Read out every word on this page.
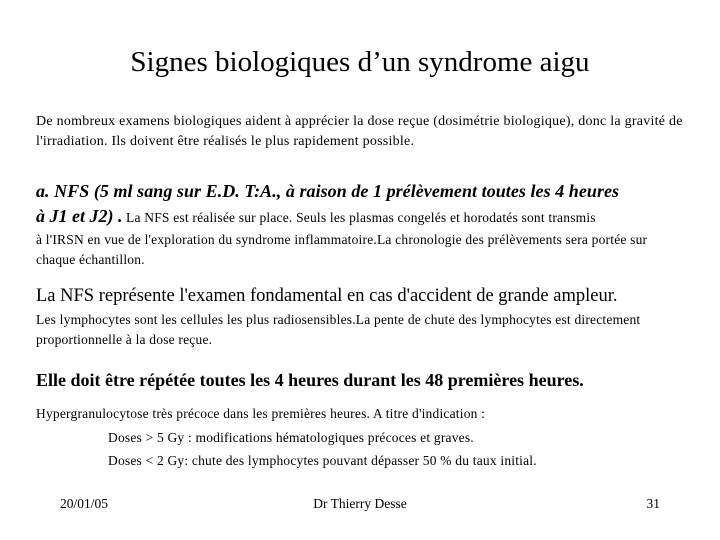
Signes biologiques d’un syndrome aigu
De nombreux examens biologiques aident à apprécier la dose reçue (dosimétrie biologique), donc la gravité de l'irradiation. Ils doivent être réalisés le plus rapidement possible.
a. NFS (5 ml sang sur E.D. T:A., à raison de 1 prélèvement toutes les 4 heures
à J1 et J2) . La NFS est réalisée sur place. Seuls les plasmas congelés et horodatés sont transmis
à l'IRSN en vue de l'exploration du syndrome inflammatoire.La chronologie des prélèvements sera portée sur chaque échantillon.
La NFS représente l'examen fondamental en cas d'accident de grande ampleur.
Les lymphocytes sont les cellules les plus radiosensibles.La pente de chute des lymphocytes est directement proportionnelle à la dose reçue.
Elle doit être répétée toutes les 4 heures durant les 48 premières heures.
Hypergranulocytose très précoce dans les premières heures. A titre d'indication :
Doses > 5 Gy : modifications hématologiques précoces et graves.
Doses < 2 Gy: chute des lymphocytes pouvant dépasser 50 % du taux initial.
20/01/05	Dr Thierry Desse	31
